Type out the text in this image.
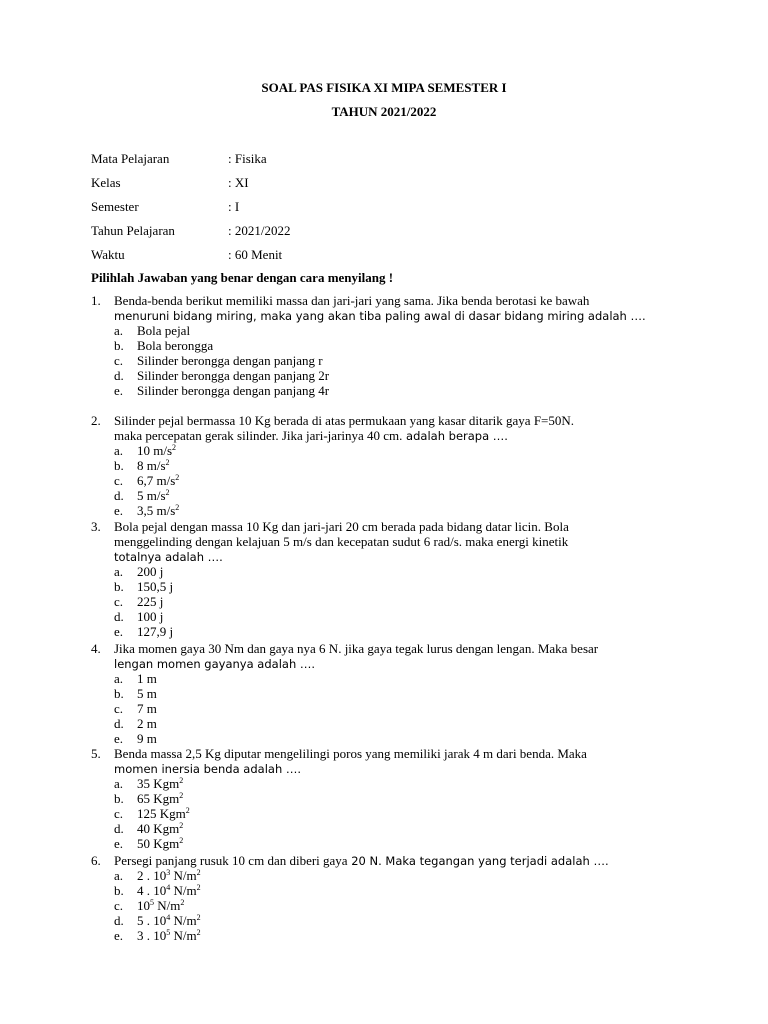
SOAL PAS FISIKA XI MIPA SEMESTER I
TAHUN 2021/2022
Mata Pelajaran	: Fisika
Kelas	: XI
Semester	: I
Tahun Pelajaran	: 2021/2022
Waktu	: 60 Menit
Pilihlah Jawaban yang benar dengan cara menyilang !
1. Benda-benda berikut memiliki massa dan jari-jari yang sama. Jika benda berotasi ke bawah
menuruni bidang miring, maka yang akan tiba paling awal di dasar bidang miring adalah ….
a. Bola pejal
b. Bola berongga
c. Silinder berongga dengan panjang r
d. Silinder berongga dengan panjang 2r
e. Silinder berongga dengan panjang 4r
2. Silinder pejal bermassa 10 Kg berada di atas permukaan yang kasar ditarik gaya F=50N.
maka percepatan gerak silinder. Jika jari-jarinya 40 cm. adalah berapa ….
a. 10 $m/s^2$
b. 8 $m/s^2$
c. 6,7 $m/s^2$
d. 5 $m/s^2$
e. 3,5 $m/s^2$
3. Bola pejal dengan massa 10 Kg dan jari-jari 20 cm berada pada bidang datar licin. Bola
menggelinding dengan kelajuan 5 m/s dan kecepatan sudut 6 rad/s. maka energi kinetik
totalnya adalah ….
a. 200 j
b. 150,5 j
c. 225 j
d. 100 j
e. 127,9 j
4. Jika momen gaya 30 Nm dan gaya nya 6 N. jika gaya tegak lurus dengan lengan. Maka besar
lengan momen gayanya adalah ….
a. 1 m
b. 5 m
c. 7 m
d. 2 m
e. 9 m
5. Benda massa 2,5 Kg diputar mengelilingi poros yang memiliki jarak 4 m dari benda. Maka
momen inersia benda adalah ….
a. 35 Kgm$^2$
b. 65 Kgm$^2$
c. 125 Kgm$^2$
d. 40 Kgm$^2$
e. 50 Kgm$^2$
6. Persegi panjang rusuk 10 cm dan diberi gaya 20 N. Maka tegangan yang terjadi adalah ….
a. 2 . $10^3$ $N/m^2$
b. 4 . $10^4$ $N/m^2$
c. $10^5$ $N/m^2$
d. 5 . $10^4$ $N/m^2$
e. 3 . $10^5$ $N/m^2$
